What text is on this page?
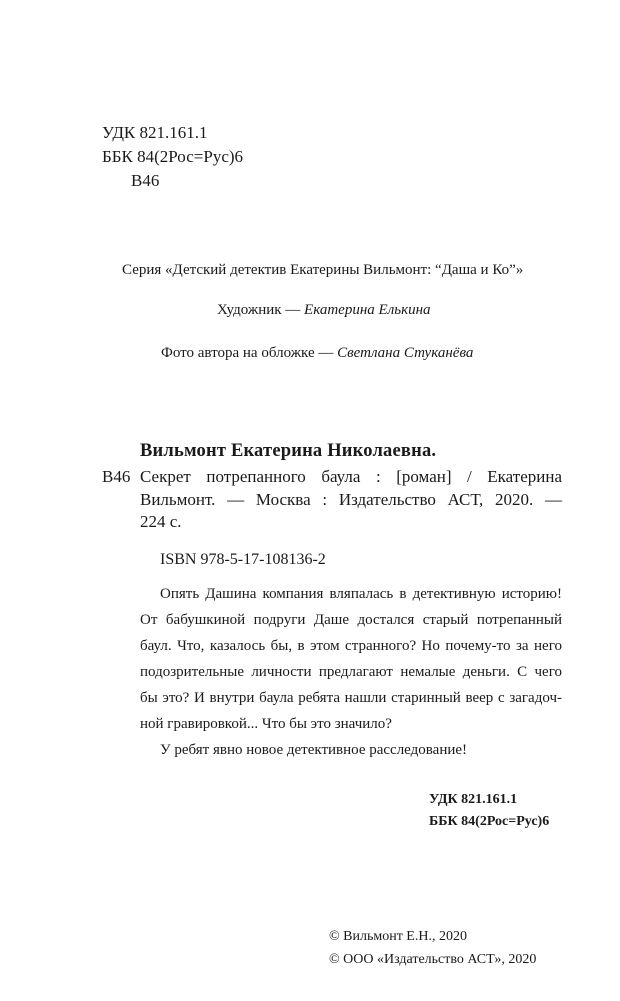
УДК 821.161.1
ББК 84(2Рос=Рус)6
В46
Серия «Детский детектив Екатерины Вильмонт: “Даша и Ко”»
Художник — Екатерина Елькина
Фото автора на обложке — Светлана Стуканёва
Вильмонт Екатерина Николаевна.
В46 Секрет потрепанного баула : [роман] / Екатерина
Вильмонт. — Москва : Издательство АСТ, 2020. —
224 с.
ISBN 978-5-17-108136-2
Опять Дашина компания вляпалась в детективную историю!
От бабушкиной подруги Даше достался старый потрепанный
баул. Что, казалось бы, в этом странного? Но почему-то за него
подозрительные личности предлагают немалые деньги. С чего
бы это? И внутри баула ребята нашли старинный веер с загадоч-
ной гравировкой... Что бы это значило?
У ребят явно новое детективное расследование!
УДК 821.161.1
ББК 84(2Рос=Рус)6
© Вильмонт Е.Н., 2020
© ООО «Издательство АСТ», 2020
